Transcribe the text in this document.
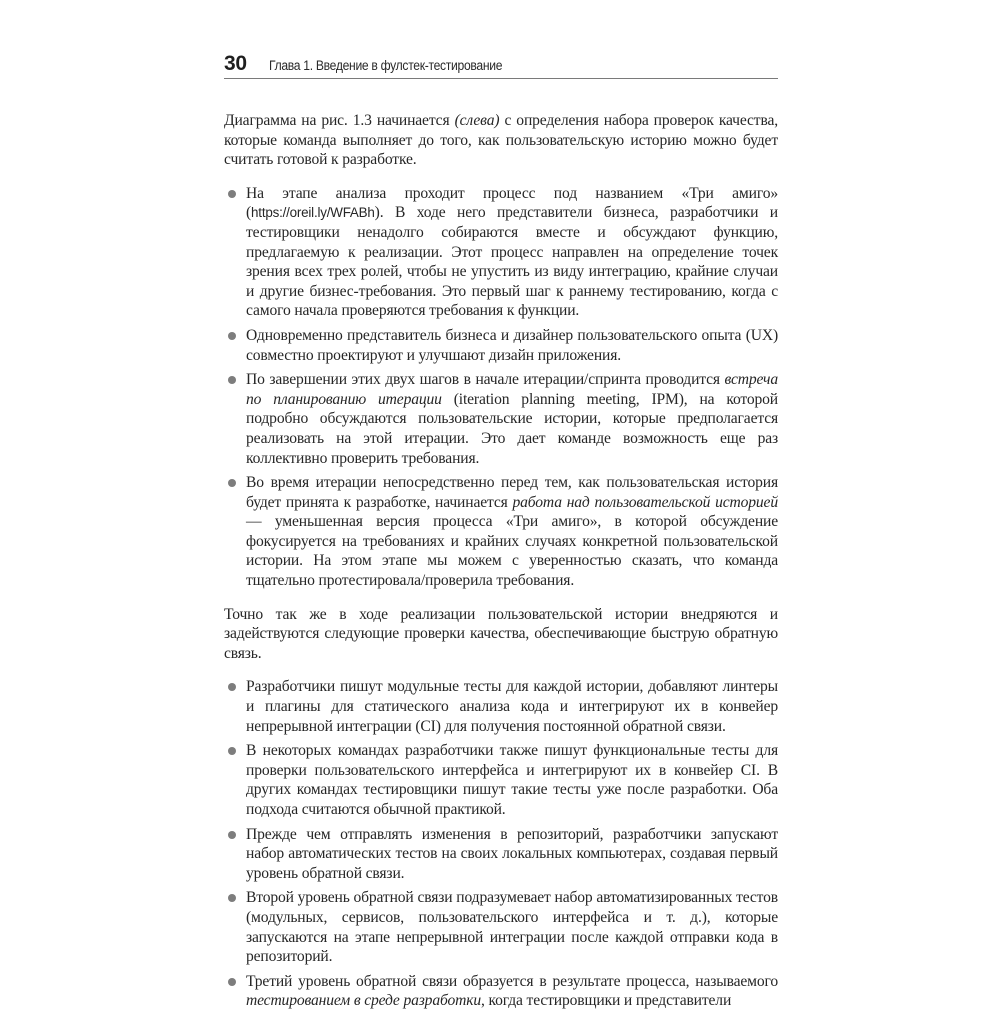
30 Глава 1. Введение в фулстек-тестирование

Диаграмма на рис. 1.3 начинается (слева) с определения набора проверок качества, которые команда выполняет до того, как пользовательскую историю можно будет считать готовой к разработке.

На этапе анализа проходит процесс под названием «Три амиго» (https://oreil.ly/WFABh). В ходе него представители бизнеса, разработчики и тестировщики ненадолго собираются вместе и обсуждают функцию, предлагаемую к реализации. Этот процесс направлен на определение точек зрения всех трех ролей, чтобы не упустить из виду интеграцию, крайние случаи и другие бизнес-требования. Это первый шаг к раннему тестированию, когда с самого начала проверяются требования к функции.
Одновременно представитель бизнеса и дизайнер пользовательского опыта (UX) совместно проектируют и улучшают дизайн приложения.
По завершении этих двух шагов в начале итерации/спринта проводится встреча по планированию итерации (iteration planning meeting, IPM), на которой подробно обсуждаются пользовательские истории, которые предполагается реализовать на этой итерации. Это дает команде возможность еще раз коллективно проверить требования.
Во время итерации непосредственно перед тем, как пользовательская история будет принята к разработке, начинается работа над пользовательской историей — уменьшенная версия процесса «Три амиго», в которой обсуждение фокусируется на требованиях и крайних случаях конкретной пользовательской истории. На этом этапе мы можем с уверенностью сказать, что команда тщательно протестировала/проверила требования.

Точно так же в ходе реализации пользовательской истории внедряются и задействуются следующие проверки качества, обеспечивающие быструю обратную связь.

Разработчики пишут модульные тесты для каждой истории, добавляют линтеры и плагины для статического анализа кода и интегрируют их в конвейер непрерывной интеграции (CI) для получения постоянной обратной связи.
В некоторых командах разработчики также пишут функциональные тесты для проверки пользовательского интерфейса и интегрируют их в конвейер CI. В других командах тестировщики пишут такие тесты уже после разработки. Оба подхода считаются обычной практикой.
Прежде чем отправлять изменения в репозиторий, разработчики запускают набор автоматических тестов на своих локальных компьютерах, создавая первый уровень обратной связи.
Второй уровень обратной связи подразумевает набор автоматизированных тестов (модульных, сервисов, пользовательского интерфейса и т. д.), которые запускаются на этапе непрерывной интеграции после каждой отправки кода в репозиторий.
Третий уровень обратной связи образуется в результате процесса, называемого тестированием в среде разработки, когда тестировщики и представители
